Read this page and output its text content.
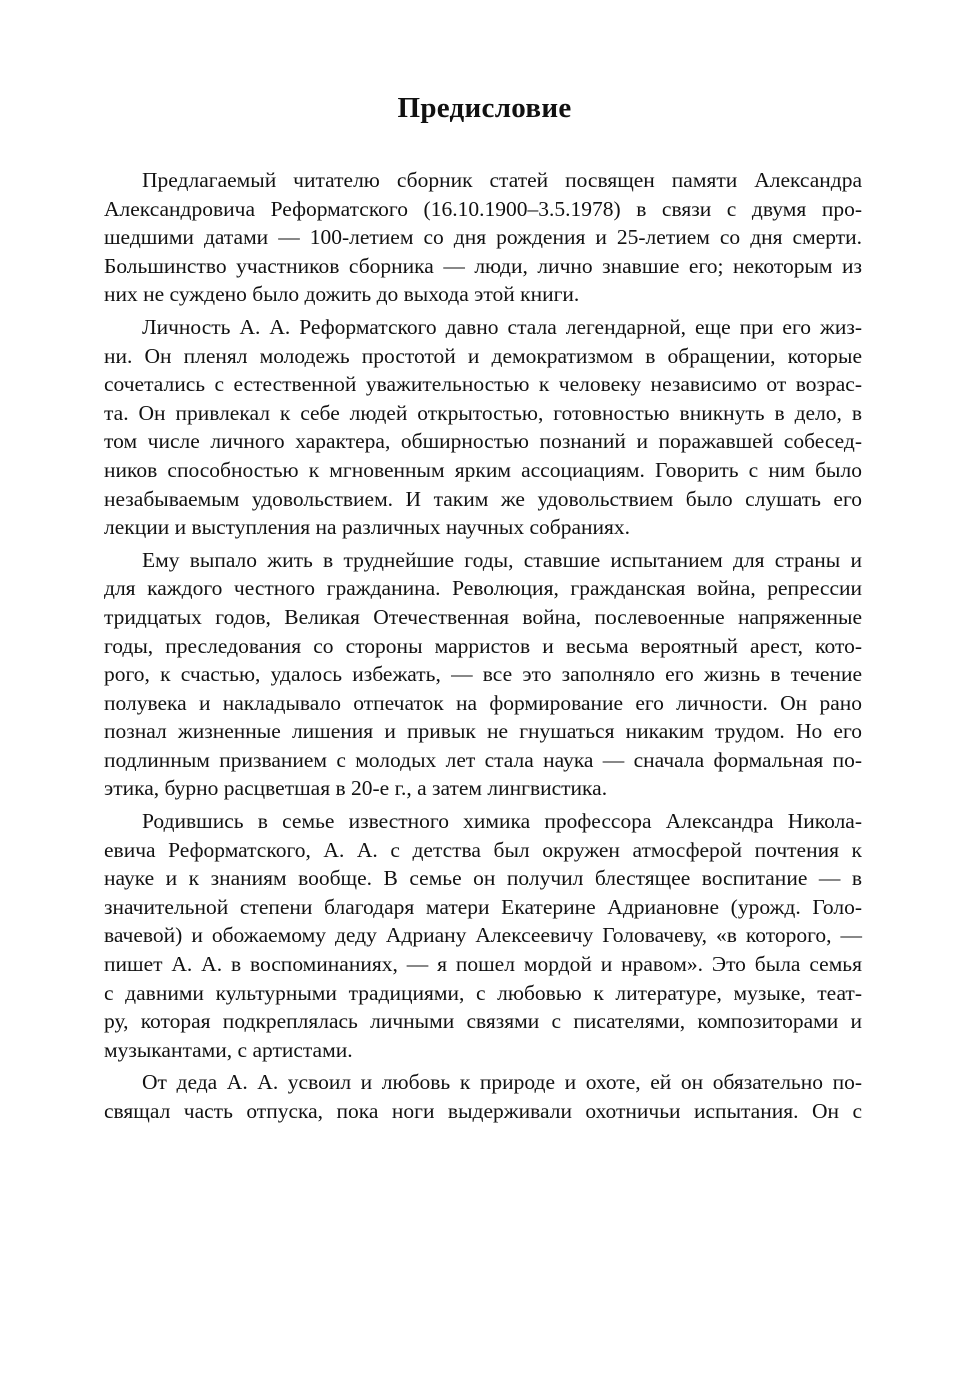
Предисловие
Предлагаемый читателю сборник статей посвящен памяти Александра
Александровича Реформатского (16.10.1900–3.5.1978) в связи с двумя про-
шедшими датами — 100-летием со дня рождения и 25-летием со дня смерти.
Большинство участников сборника — люди, лично знавшие его; некоторым из
них не суждено было дожить до выхода этой книги.
Личность А. А. Реформатского давно стала легендарной, еще при его жиз-
ни. Он пленял молодежь простотой и демократизмом в обращении, которые
сочетались с естественной уважительностью к человеку независимо от возрас-
та. Он привлекал к себе людей открытостью, готовностью вникнуть в дело, в
том числе личного характера, обширностью познаний и поражавшей собесед-
ников способностью к мгновенным ярким ассоциациям. Говорить с ним было
незабываемым удовольствием. И таким же удовольствием было слушать его
лекции и выступления на различных научных собраниях.
Ему выпало жить в труднейшие годы, ставшие испытанием для страны и
для каждого честного гражданина. Революция, гражданская война, репрессии
тридцатых годов, Великая Отечественная война, послевоенные напряженные
годы, преследования со стороны марристов и весьма вероятный арест, кото-
рого, к счастью, удалось избежать, — все это заполняло его жизнь в течение
полувека и накладывало отпечаток на формирование его личности. Он рано
познал жизненные лишения и привык не гнушаться никаким трудом. Но его
подлинным призванием с молодых лет стала наука — сначала формальная по-
этика, бурно расцветшая в 20-е г., а затем лингвистика.
Родившись в семье известного химика профессора Александра Никола-
евича Реформатского, А. А. с детства был окружен атмосферой почтения к
науке и к знаниям вообще. В семье он получил блестящее воспитание — в
значительной степени благодаря матери Екатерине Адриановне (урожд. Голо-
вачевой) и обожаемому деду Адриану Алексеевичу Головачеву, «в которого, —
пишет А. А. в воспоминаниях, — я пошел мордой и нравом». Это была семья
с давними культурными традициями, с любовью к литературе, музыке, теат-
ру, которая подкреплялась личными связями с писателями, композиторами и
музыкантами, с артистами.
От деда А. А. усвоил и любовь к природе и охоте, ей он обязательно по-
свящал часть отпуска, пока ноги выдерживали охотничьи испытания. Он с
